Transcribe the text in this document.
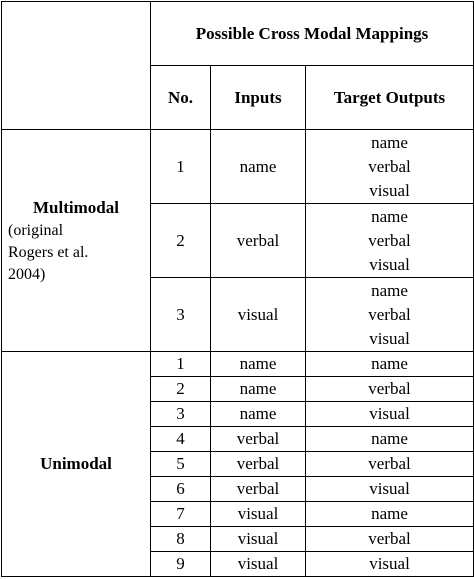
	Possible Cross Modal Mappings		
	No.	Inputs	Target Outputs

Multimodal
(original
Rogers et al.
2004)	1	name	name
verbal
visual

	2	verbal	name
verbal
visual

	3	visual	name
verbal
visual

Unimodal	1	name	name
	2	name	verbal
	3	name	visual
	4	verbal	name
	5	verbal	verbal
	6	verbal	visual
	7	visual	name
	8	visual	verbal
	9	visual	visual
